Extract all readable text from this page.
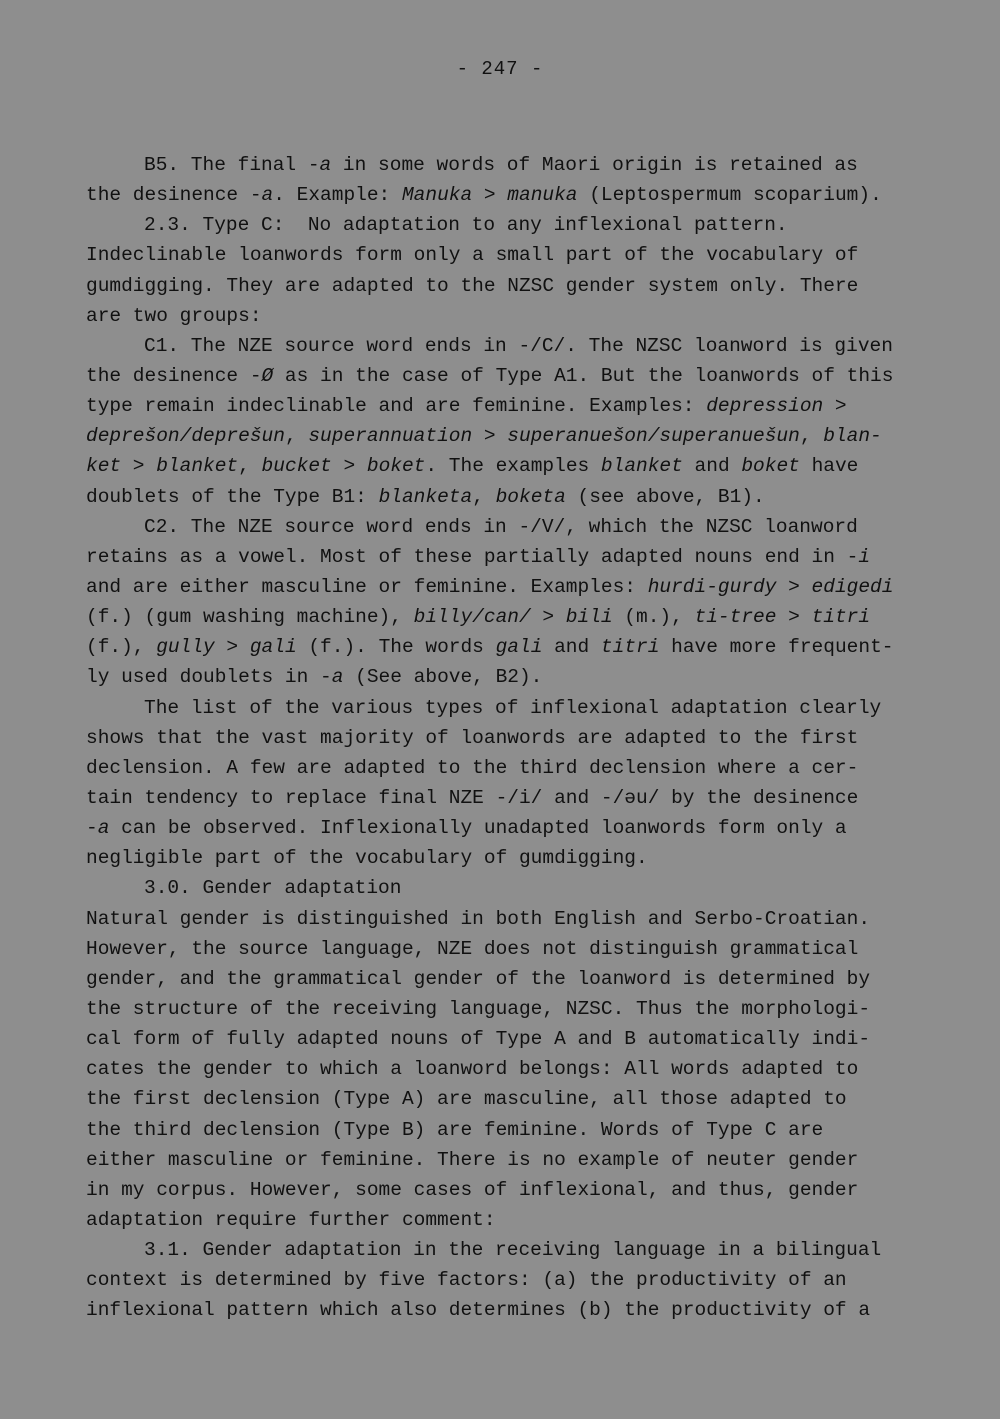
- 247 -
B5. The final -a in some words of Maori origin is retained as
the desinence -a. Example: Manuka > manuka (Leptospermum scoparium).
2.3. Type C:  No adaptation to any inflexional pattern.
Indeclinable loanwords form only a small part of the vocabulary of
gumdigging. They are adapted to the NZSC gender system only. There
are two groups:
C1. The NZE source word ends in -/C/. The NZSC loanword is given
the desinence -Ø as in the case of Type A1. But the loanwords of this
type remain indeclinable and are feminine. Examples: depression >
deprešon/deprešun, superannuation > superanuešon/superanuešun, blan-
ket > blanket, bucket > boket. The examples blanket and boket have
doublets of the Type B1: blanketa, boketa (see above, B1).
C2. The NZE source word ends in -/V/, which the NZSC loanword
retains as a vowel. Most of these partially adapted nouns end in -i
and are either masculine or feminine. Examples: hurdi-gurdy > edigedi
(f.) (gum washing machine), billy/can/ > bili (m.), ti-tree > titri
(f.), gully > gali (f.). The words gali and titri have more frequent-
ly used doublets in -a (See above, B2).
The list of the various types of inflexional adaptation clearly
shows that the vast majority of loanwords are adapted to the first
declension. A few are adapted to the third declension where a cer-
tain tendency to replace final NZE -/i/ and -/əu/ by the desinence
-a can be observed. Inflexionally unadapted loanwords form only a
negligible part of the vocabulary of gumdigging.
3.0. Gender adaptation
Natural gender is distinguished in both English and Serbo-Croatian.
However, the source language, NZE does not distinguish grammatical
gender, and the grammatical gender of the loanword is determined by
the structure of the receiving language, NZSC. Thus the morphologi-
cal form of fully adapted nouns of Type A and B automatically indi-
cates the gender to which a loanword belongs: All words adapted to
the first declension (Type A) are masculine, all those adapted to
the third declension (Type B) are feminine. Words of Type C are
either masculine or feminine. There is no example of neuter gender
in my corpus. However, some cases of inflexional, and thus, gender
adaptation require further comment:
3.1. Gender adaptation in the receiving language in a bilingual
context is determined by five factors: (a) the productivity of an
inflexional pattern which also determines (b) the productivity of a
